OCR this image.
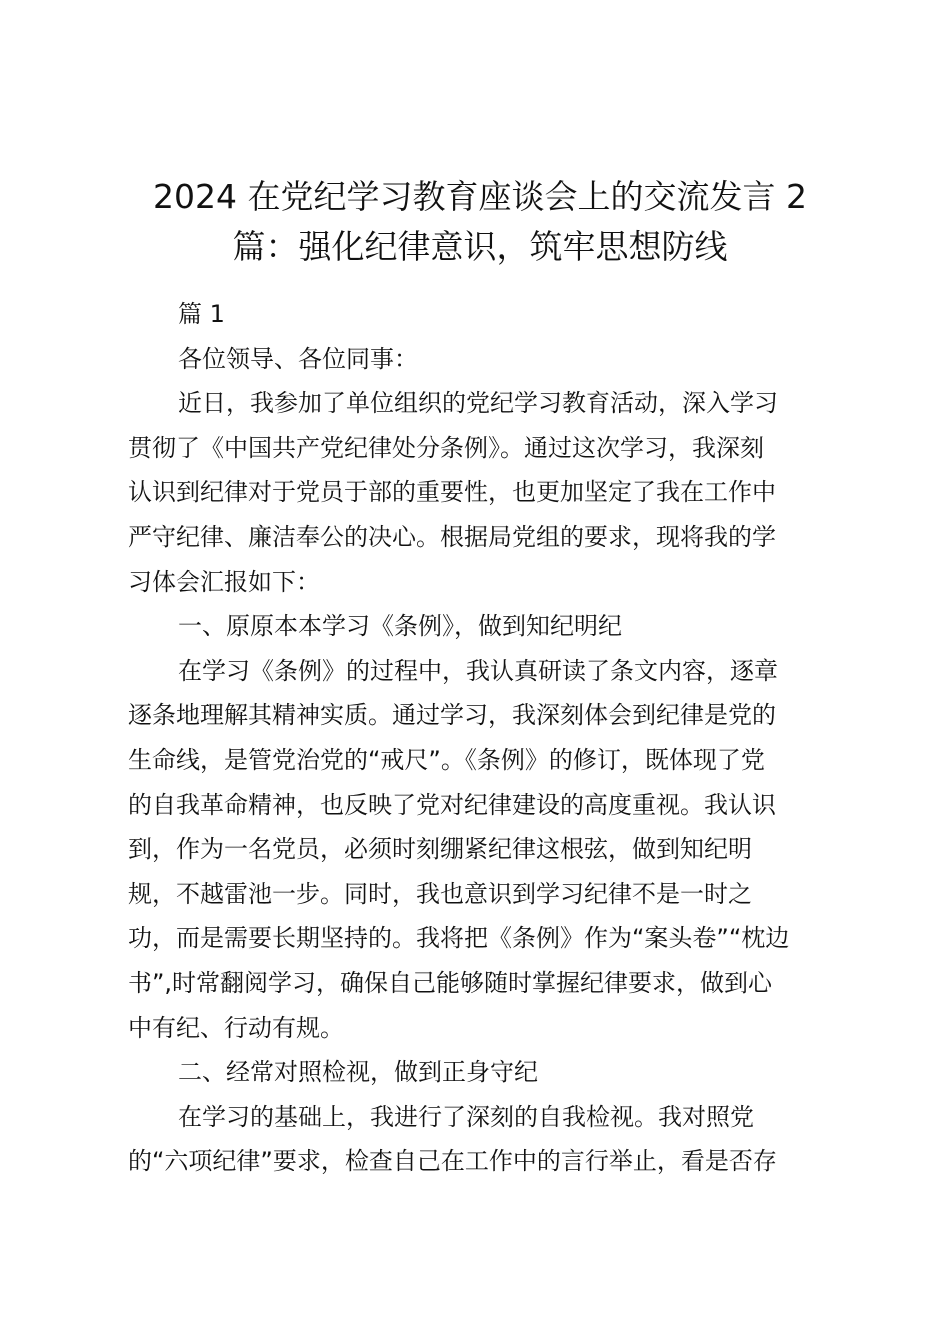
2024 在党纪学习教育座谈会上的交流发言 2
篇：强化纪律意识，筑牢思想防线
篇 1
各位领导、各位同事：
近日，我参加了单位组织的党纪学习教育活动，深入学习
贯彻了《中国共产党纪律处分条例》。通过这次学习，我深刻
认识到纪律对于党员于部的重要性，也更加坚定了我在工作中
严守纪律、廉洁奉公的决心。根据局党组的要求，现将我的学
习体会汇报如下：
一、原原本本学习《条例》，做到知纪明纪
在学习《条例》的过程中，我认真研读了条文内容，逐章
逐条地理解其精神实质。通过学习，我深刻体会到纪律是党的
生命线，是管党治党的“戒尺”。《条例》的修订，既体现了党
的自我革命精神，也反映了党对纪律建设的高度重视。我认识
到，作为一名党员，必须时刻绷紧纪律这根弦，做到知纪明
规，不越雷池一步。同时，我也意识到学习纪律不是一时之
功，而是需要长期坚持的。我将把《条例》作为“案头卷”“枕边
书”,时常翻阅学习，确保自己能够随时掌握纪律要求，做到心
中有纪、行动有规。
二、经常对照检视，做到正身守纪
在学习的基础上，我进行了深刻的自我检视。我对照党
的“六项纪律”要求，检查自己在工作中的言行举止，看是否存
